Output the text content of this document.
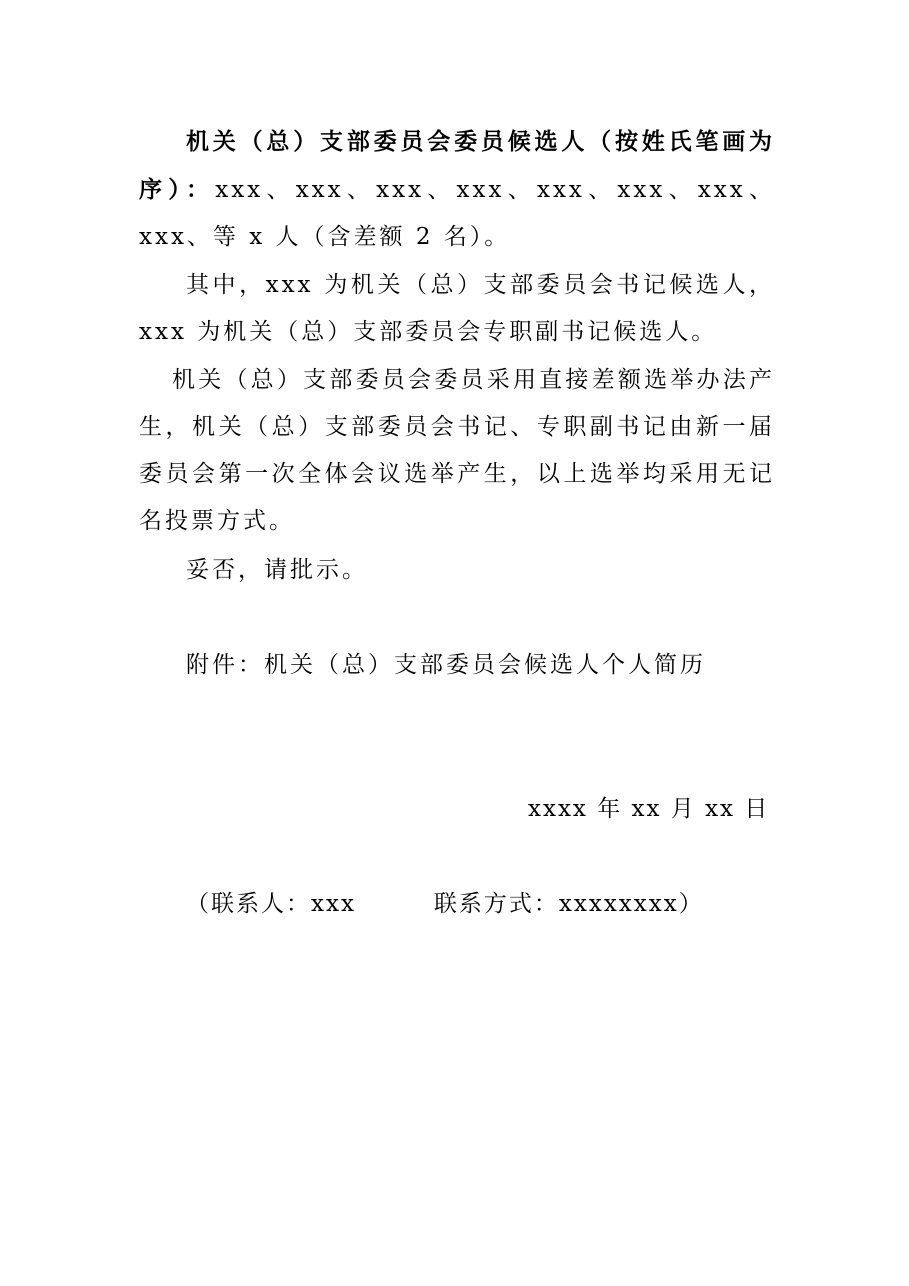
机关（总）支部委员会委员候选人（按姓氏笔画为序）：xxx、xxx、xxx、xxx、xxx、xxx、xxx、xxx、等 x 人（含差额 2 名）。

其中，xxx 为机关（总）支部委员会书记候选人，xxx 为机关（总）支部委员会专职副书记候选人。

机关（总）支部委员会委员采用直接差额选举办法产生，机关（总）支部委员会书记、专职副书记由新一届委员会第一次全体会议选举产生，以上选举均采用无记名投票方式。

妥否，请批示。

附件：机关（总）支部委员会候选人个人简历

xxxx 年 xx 月 xx 日
（联系人：xxx	联系方式：xxxxxxxx）
